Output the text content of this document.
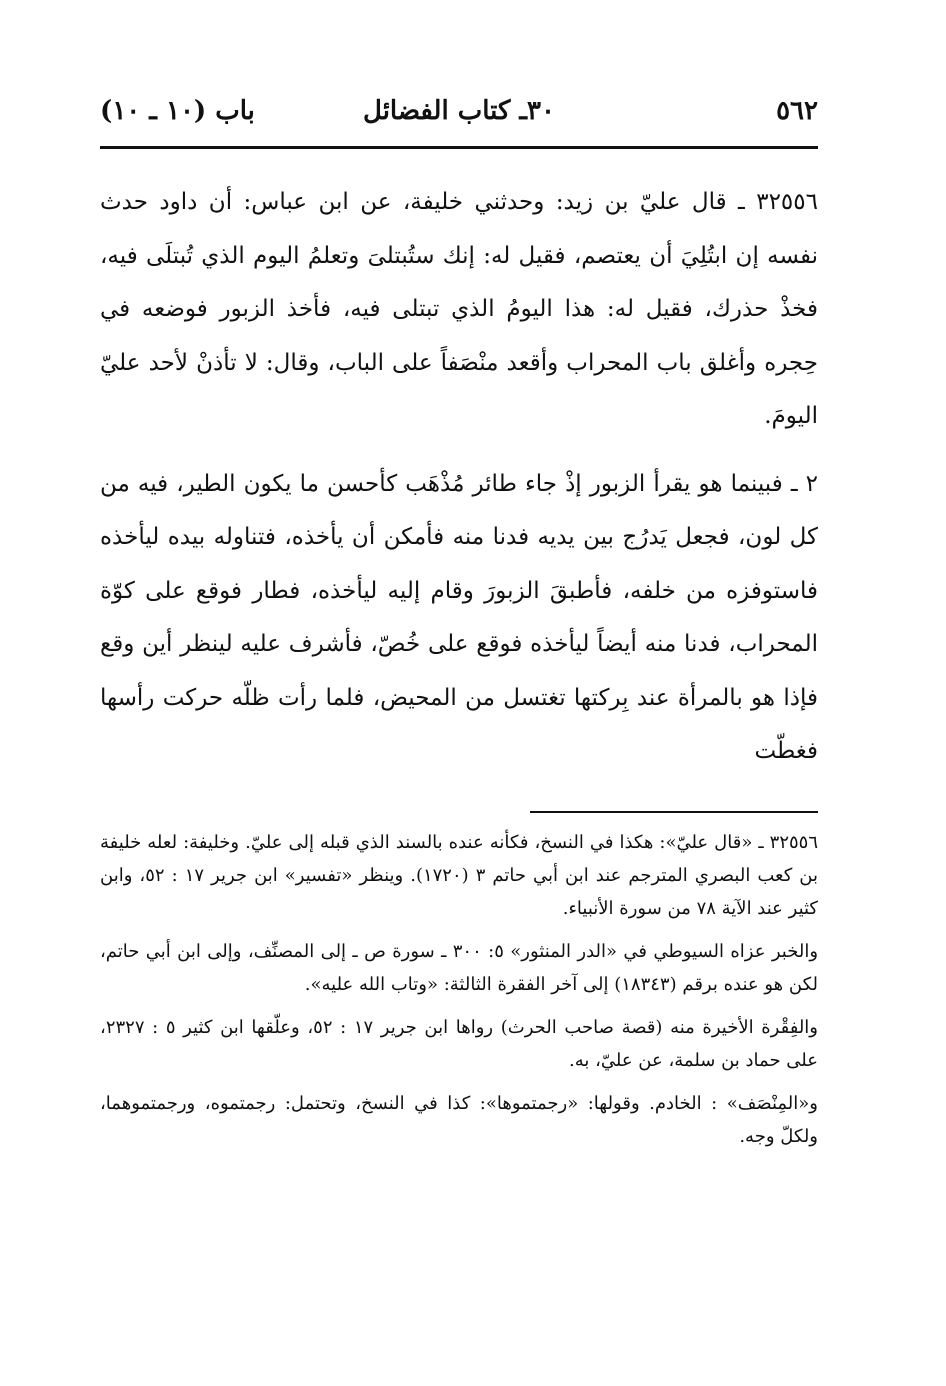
٥٦٢
٣٠ـ كتاب الفضائل
باب (١٠ ـ ١٠)

٣٢٥٥٦ ـ قال عليّ بن زيد: وحدثني خليفة، عن ابن عباس: أن داود حدث نفسه إن ابتُلِيَ أن يعتصم، فقيل له: إنك ستُبتلىَ وتعلمُ اليوم الذي تُبتلَى فيه، فخذْ حذرك، فقيل له: هذا اليومُ الذي تبتلى فيه، فأخذ الزبور فوضعه في حِجره وأغلق باب المحراب وأقعد منْصَفاً على الباب، وقال: لا تأذنْ لأحد عليّ اليومَ.

٢ ـ فبينما هو يقرأ الزبور إذْ جاء طائر مُذْهَب كأحسن ما يكون الطير، فيه من كل لون، فجعل يَدرُج بين يديه فدنا منه فأمكن أن يأخذه، فتناوله بيده ليأخذه فاستوفزه من خلفه، فأطبقَ الزبورَ وقام إليه ليأخذه، فطار فوقع على كوّة المحراب، فدنا منه أيضاً ليأخذه فوقع على خُصّ، فأشرف عليه لينظر أين وقع فإذا هو بالمرأة عند بِركتها تغتسل من المحيض، فلما رأت ظلّه حركت رأسها فغطّت

٣٢٥٥٦ ـ «قال عليّ»: هكذا في النسخ، فكأنه عنده بالسند الذي قبله إلى عليّ. وخليفة: لعله خليفة بن كعب البصري المترجم عند ابن أبي حاتم ٣ (١٧٢٠). وينظر «تفسير» ابن جرير ١٧ : ٥٢، وابن كثير عند الآية ٧٨ من سورة الأنبياء.

والخبر عزاه السيوطي في «الدر المنثور» ٥: ٣٠٠ ـ سورة ص ـ إلى المصنِّف، وإلى ابن أبي حاتم، لكن هو عنده برقم (١٨٣٤٣) إلى آخر الفقرة الثالثة: «وتاب الله عليه».

والفِقْرة الأخيرة منه (قصة صاحب الحرث) رواها ابن جرير ١٧ : ٥٢، وعلّقها ابن كثير ٥ : ٢٣٢٧، على حماد بن سلمة، عن عليّ، به.

و«المِنْصَف» : الخادم. وقولها: «رجمتموها»: كذا في النسخ، وتحتمل: رجمتموه، ورجمتموهما، ولكلّ وجه.
